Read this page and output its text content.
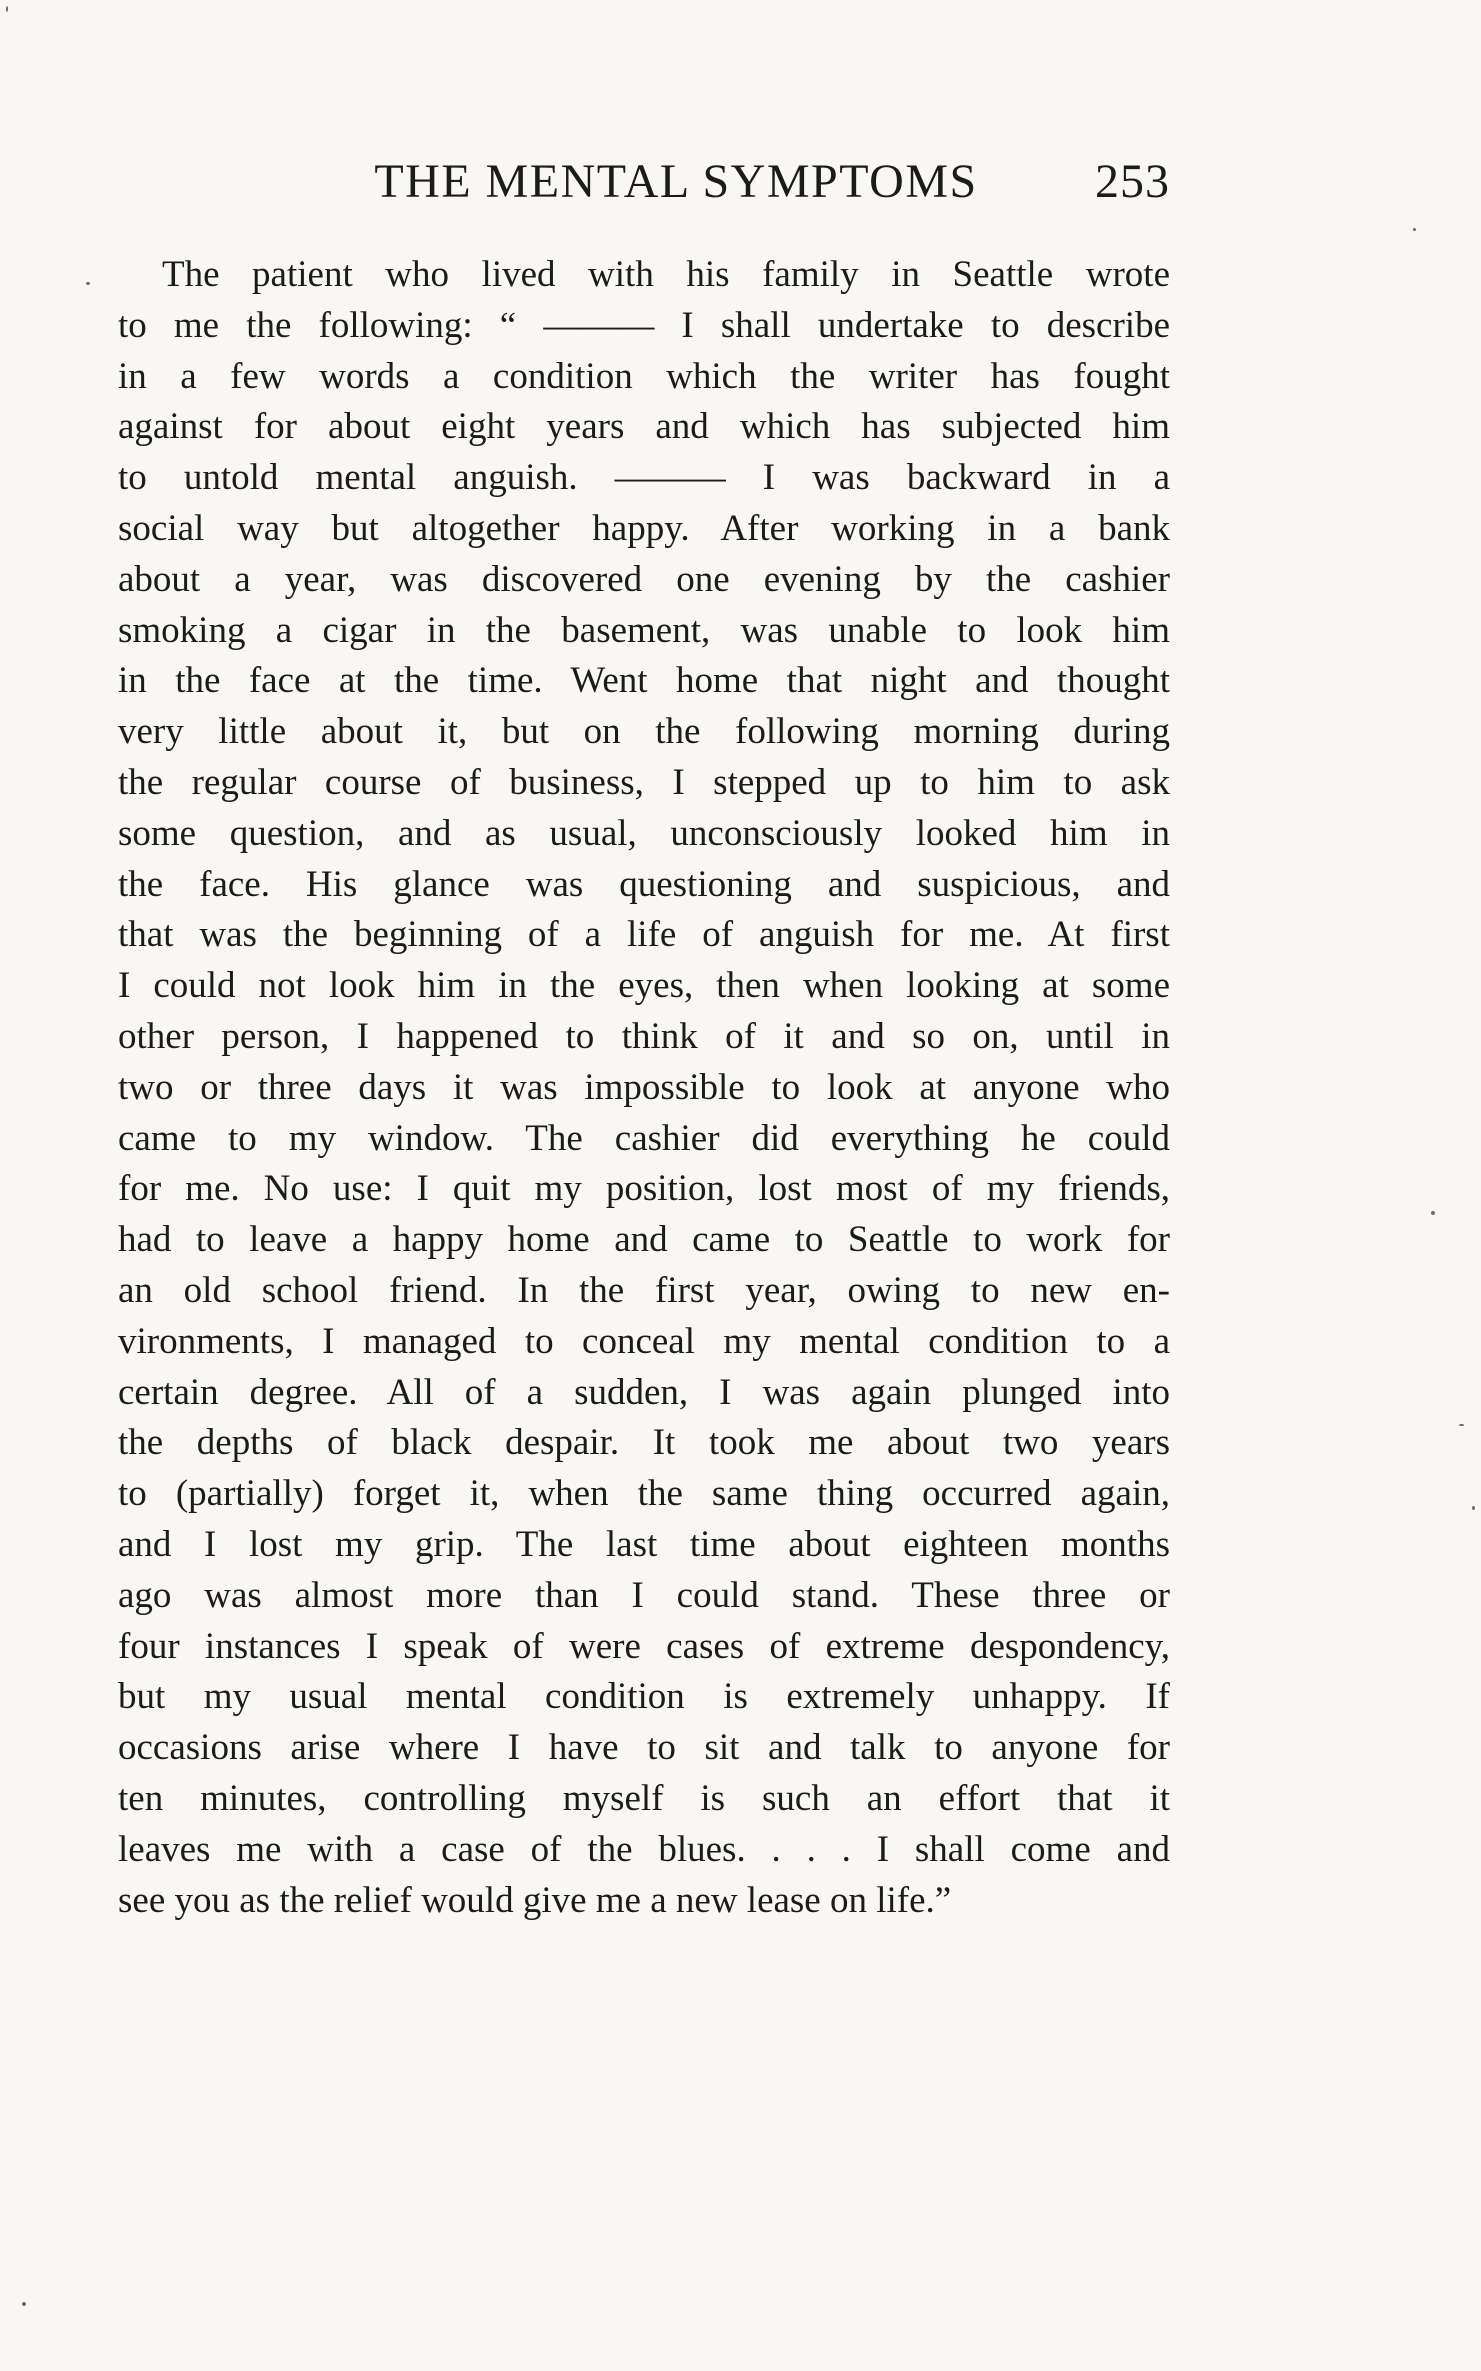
THE MENTAL SYMPTOMS	253
The patient who lived with his family in Seattle wrote
to me the following: “ ——— I shall undertake to describe
in a few words a condition which the writer has fought
against for about eight years and which has subjected him
to untold mental anguish. ——— I was backward in a
social way but altogether happy. After working in a bank
about a year, was discovered one evening by the cashier
smoking a cigar in the basement, was unable to look him
in the face at the time. Went home that night and thought
very little about it, but on the following morning during
the regular course of business, I stepped up to him to ask
some question, and as usual, unconsciously looked him in
the face. His glance was questioning and suspicious, and
that was the beginning of a life of anguish for me. At first
I could not look him in the eyes, then when looking at some
other person, I happened to think of it and so on, until in
two or three days it was impossible to look at anyone who
came to my window. The cashier did everything he could
for me. No use: I quit my position, lost most of my friends,
had to leave a happy home and came to Seattle to work for
an old school friend. In the first year, owing to new en-
vironments, I managed to conceal my mental condition to a
certain degree. All of a sudden, I was again plunged into
the depths of black despair. It took me about two years
to (partially) forget it, when the same thing occurred again,
and I lost my grip. The last time about eighteen months
ago was almost more than I could stand. These three or
four instances I speak of were cases of extreme despondency,
but my usual mental condition is extremely unhappy. If
occasions arise where I have to sit and talk to anyone for
ten minutes, controlling myself is such an effort that it
leaves me with a case of the blues. . . . I shall come and
see you as the relief would give me a new lease on life.”
